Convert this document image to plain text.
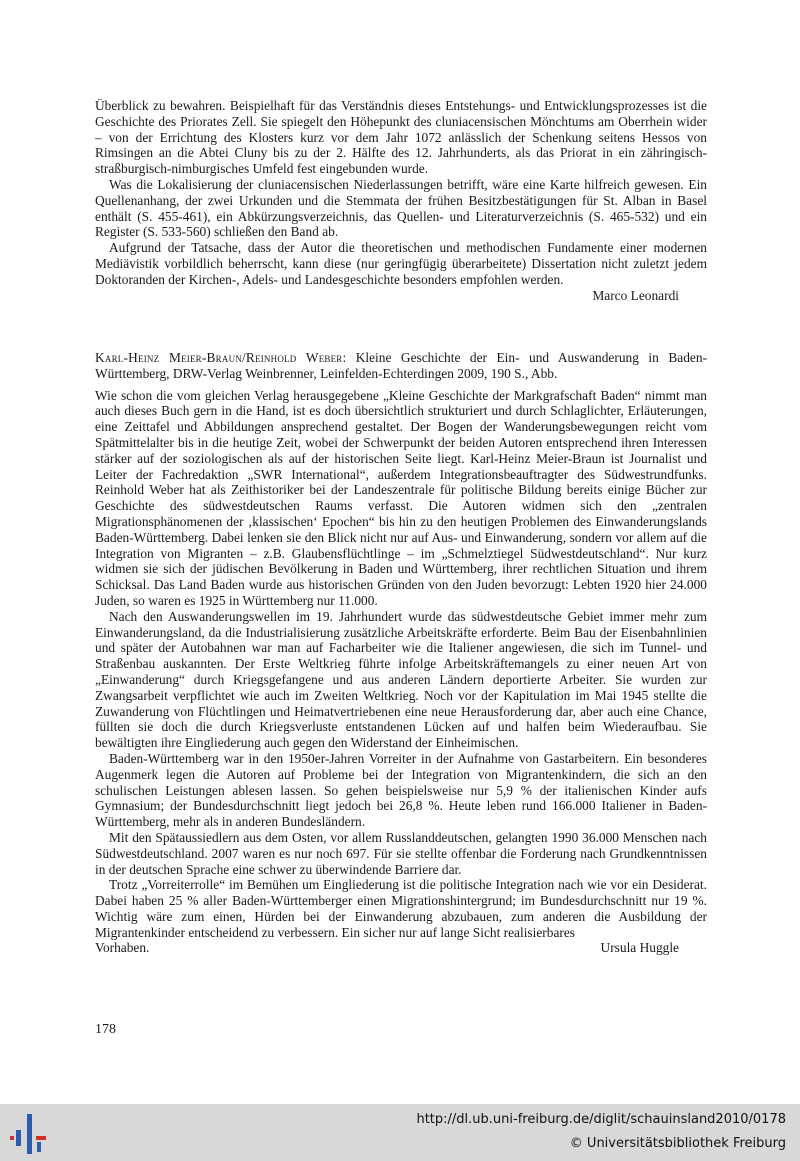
Überblick zu bewahren. Beispielhaft für das Verständnis dieses Entstehungs- und Entwicklungsprozesses ist die Geschichte des Priorates Zell. Sie spiegelt den Höhepunkt des cluniacensischen Mönchtums am Oberrhein wider – von der Errichtung des Klosters kurz vor dem Jahr 1072 anlässlich der Schenkung seitens Hessos von Rimsingen an die Abtei Cluny bis zu der 2. Hälfte des 12. Jahrhunderts, als das Priorat in ein zähringisch-straßburgisch-nimburgisches Umfeld fest eingebunden wurde.

Was die Lokalisierung der cluniacensischen Niederlassungen betrifft, wäre eine Karte hilfreich gewesen. Ein Quellenanhang, der zwei Urkunden und die Stemmata der frühen Besitzbestätigungen für St. Alban in Basel enthält (S. 455-461), ein Abkürzungsverzeichnis, das Quellen- und Literaturverzeichnis (S. 465-532) und ein Register (S. 533-560) schließen den Band ab.

Aufgrund der Tatsache, dass der Autor die theoretischen und methodischen Fundamente einer modernen Mediävistik vorbildlich beherrscht, kann diese (nur geringfügig überarbeitete) Dissertation nicht zuletzt jedem Doktoranden der Kirchen-, Adels- und Landesgeschichte besonders empfohlen werden.

Marco Leonardi

Karl-Heinz Meier-Braun/Reinhold Weber: Kleine Geschichte der Ein- und Auswanderung in Baden-Württemberg, DRW-Verlag Weinbrenner, Leinfelden-Echterdingen 2009, 190 S., Abb.

Wie schon die vom gleichen Verlag herausgegebene „Kleine Geschichte der Markgrafschaft Baden“ nimmt man auch dieses Buch gern in die Hand, ist es doch übersichtlich strukturiert und durch Schlaglichter, Erläuterungen, eine Zeittafel und Abbildungen ansprechend gestaltet. Der Bogen der Wanderungsbewegungen reicht vom Spätmittelalter bis in die heutige Zeit, wobei der Schwerpunkt der beiden Autoren entsprechend ihren Interessen stärker auf der soziologischen als auf der historischen Seite liegt. Karl-Heinz Meier-Braun ist Journalist und Leiter der Fachredaktion „SWR International“, außerdem Integrationsbeauftragter des Südwestrundfunks. Reinhold Weber hat als Zeithistoriker bei der Landeszentrale für politische Bildung bereits einige Bücher zur Geschichte des südwestdeutschen Raums verfasst. Die Autoren widmen sich den „zentralen Migrationsphänomenen der ‚klassischen‘ Epochen“ bis hin zu den heutigen Problemen des Einwanderungslands Baden-Württemberg. Dabei lenken sie den Blick nicht nur auf Aus- und Einwanderung, sondern vor allem auf die Integration von Migranten – z.B. Glaubensflüchtlinge – im „Schmelztiegel Südwestdeutschland“. Nur kurz widmen sie sich der jüdischen Bevölkerung in Baden und Württemberg, ihrer rechtlichen Situation und ihrem Schicksal. Das Land Baden wurde aus historischen Gründen von den Juden bevorzugt: Lebten 1920 hier 24.000 Juden, so waren es 1925 in Württemberg nur 11.000.

Nach den Auswanderungswellen im 19. Jahrhundert wurde das südwestdeutsche Gebiet immer mehr zum Einwanderungsland, da die Industrialisierung zusätzliche Arbeitskräfte erforderte. Beim Bau der Eisenbahnlinien und später der Autobahnen war man auf Facharbeiter wie die Italiener angewiesen, die sich im Tunnel- und Straßenbau auskannten. Der Erste Weltkrieg führte infolge Arbeitskräftemangels zu einer neuen Art von „Einwanderung“ durch Kriegsgefangene und aus anderen Ländern deportierte Arbeiter. Sie wurden zur Zwangsarbeit verpflichtet wie auch im Zweiten Weltkrieg. Noch vor der Kapitulation im Mai 1945 stellte die Zuwanderung von Flüchtlingen und Heimatvertriebenen eine neue Herausforderung dar, aber auch eine Chance, füllten sie doch die durch Kriegsverluste entstandenen Lücken auf und halfen beim Wiederaufbau. Sie bewältigten ihre Eingliederung auch gegen den Widerstand der Einheimischen.

Baden-Württemberg war in den 1950er-Jahren Vorreiter in der Aufnahme von Gastarbeitern. Ein besonderes Augenmerk legen die Autoren auf Probleme bei der Integration von Migrantenkindern, die sich an den schulischen Leistungen ablesen lassen. So gehen beispielsweise nur 5,9 % der italienischen Kinder aufs Gymnasium; der Bundesdurchschnitt liegt jedoch bei 26,8 %. Heute leben rund 166.000 Italiener in Baden-Württemberg, mehr als in anderen Bundesländern.

Mit den Spätaussiedlern aus dem Osten, vor allem Russlanddeutschen, gelangten 1990 36.000 Menschen nach Südwestdeutschland. 2007 waren es nur noch 697. Für sie stellte offenbar die Forderung nach Grundkenntnissen in der deutschen Sprache eine schwer zu überwindende Barriere dar.

Trotz „Vorreiterrolle“ im Bemühen um Eingliederung ist die politische Integration nach wie vor ein Desiderat. Dabei haben 25 % aller Baden-Württemberger einen Migrationshintergrund; im Bundesdurchschnitt nur 19 %. Wichtig wäre zum einen, Hürden bei der Einwanderung abzubauen, zum anderen die Ausbildung der Migrantenkinder entscheidend zu verbessern. Ein sicher nur auf lange Sicht realisierbares

Vorhaben.	Ursula Huggle
178
http://dl.ub.uni-freiburg.de/diglit/schauinsland2010/0178
© Universitätsbibliothek Freiburg
